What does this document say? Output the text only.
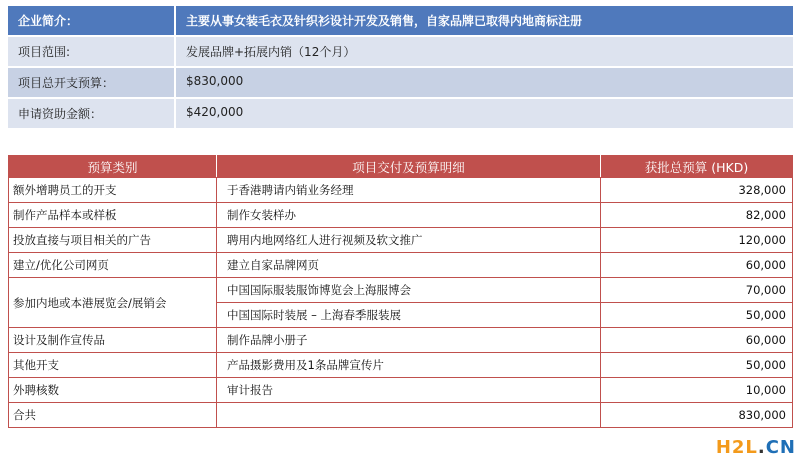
企业简介：	主要从事女装毛衣及针织衫设计开发及销售，自家品牌已取得内地商标注册
项目范围:	发展品牌+拓展内销（12个月）
项目总开支预算：	$830,000
申请资助金额：	$420,000
预算类别	项目交付及预算明细	获批总预算 (HKD)
额外增聘员工的开支	于香港聘请内销业务经理	328,000
制作产品样本或样板	制作女装样办	82,000
投放直接与项目相关的广告	聘用内地网络红人进行视频及软文推广	120,000
建立/优化公司网页	建立自家品牌网页	60,000
参加内地或本港展览会/展销会	中国国际服装服饰博览会上海服博会	70,000
	中国国际时装展 – 上海春季服装展	50,000
设计及制作宣传品	制作品牌小册子	60,000
其他开支	产品摄影费用及1条品牌宣传片	50,000
外聘核数	审计报告	10,000
合共		830,000
H2L.CN
